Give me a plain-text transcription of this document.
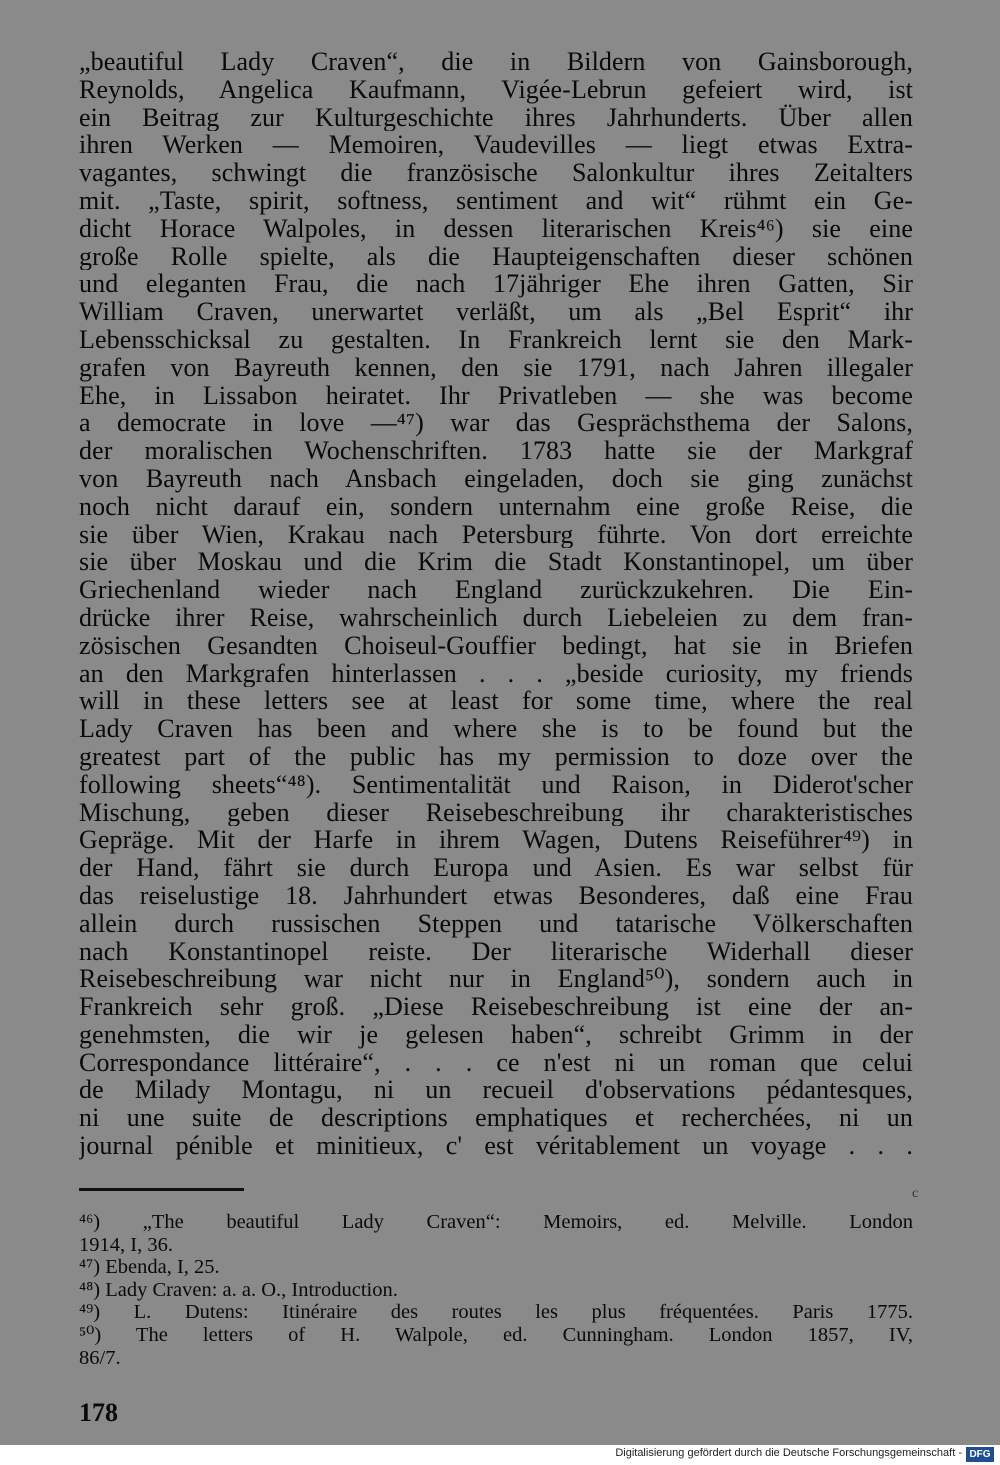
„beautiful Lady Craven“, die in Bildern von Gainsborough,
Reynolds, Angelica Kaufmann, Vigée-Lebrun gefeiert wird, ist
ein Beitrag zur Kulturgeschichte ihres Jahrhunderts. Über allen
ihren Werken — Memoiren, Vaudevilles — liegt etwas Extra-
vagantes, schwingt die französische Salonkultur ihres Zeitalters
mit. „Taste, spirit, softness, sentiment and wit“ rühmt ein Ge-
dicht Horace Walpoles, in dessen literarischen Kreis⁴⁶) sie eine
große Rolle spielte, als die Haupteigenschaften dieser schönen
und eleganten Frau, die nach 17jähriger Ehe ihren Gatten, Sir
William Craven, unerwartet verläßt, um als „Bel Esprit“ ihr
Lebensschicksal zu gestalten. In Frankreich lernt sie den Mark-
grafen von Bayreuth kennen, den sie 1791, nach Jahren illegaler
Ehe, in Lissabon heiratet. Ihr Privatleben — she was become
a democrate in love —⁴⁷) war das Gesprächsthema der Salons,
der moralischen Wochenschriften. 1783 hatte sie der Markgraf
von Bayreuth nach Ansbach eingeladen, doch sie ging zunächst
noch nicht darauf ein, sondern unternahm eine große Reise, die
sie über Wien, Krakau nach Petersburg führte. Von dort erreichte
sie über Moskau und die Krim die Stadt Konstantinopel, um über
Griechenland wieder nach England zurückzukehren. Die Ein-
drücke ihrer Reise, wahrscheinlich durch Liebeleien zu dem fran-
zösischen Gesandten Choiseul-Gouffier bedingt, hat sie in Briefen
an den Markgrafen hinterlassen . . . „beside curiosity, my friends
will in these letters see at least for some time, where the real
Lady Craven has been and where she is to be found but the
greatest part of the public has my permission to doze over the
following sheets“⁴⁸). Sentimentalität und Raison, in Diderot'scher
Mischung, geben dieser Reisebeschreibung ihr charakteristisches
Gepräge. Mit der Harfe in ihrem Wagen, Dutens Reiseführer⁴⁹) in
der Hand, fährt sie durch Europa und Asien. Es war selbst für
das reiselustige 18. Jahrhundert etwas Besonderes, daß eine Frau
allein durch russischen Steppen und tatarische Völkerschaften
nach Konstantinopel reiste. Der literarische Widerhall dieser
Reisebeschreibung war nicht nur in England⁵⁰), sondern auch in
Frankreich sehr groß. „Diese Reisebeschreibung ist eine der an-
genehmsten, die wir je gelesen haben“, schreibt Grimm in der
Correspondance littéraire“, . . . ce n'est ni un roman que celui
de Milady Montagu, ni un recueil d'observations pédantesques,
ni une suite de descriptions emphatiques et recherchées, ni un
journal pénible et minitieux, c' est véritablement un voyage . . .
c
⁴⁶) „The beautiful Lady Craven“: Memoirs, ed. Melville. London
1914, I, 36.
⁴⁷) Ebenda, I, 25.
⁴⁸) Lady Craven: a. a. O., Introduction.
⁴⁹) L. Dutens: Itinéraire des routes les plus fréquentées. Paris 1775.
⁵⁰) The letters of H. Walpole, ed. Cunningham. London 1857, IV,
86/7.
178
Digitalisierung gefördert durch die Deutsche Forschungsgemeinschaft - DFG
